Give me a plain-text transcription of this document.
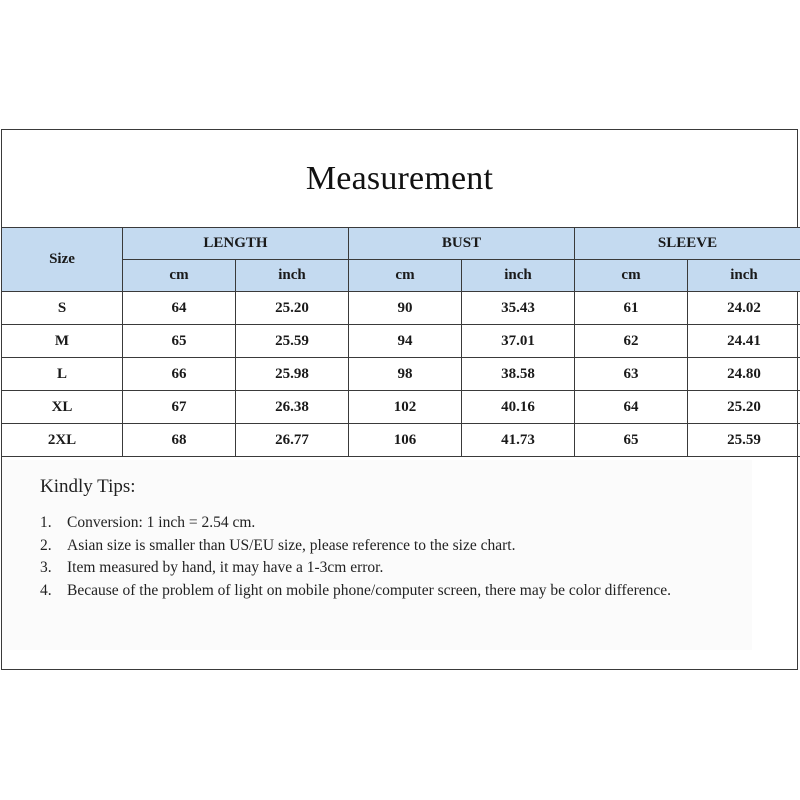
Measurement
Size	LENGTH		BUST		SLEEVE	
	cm	inch	cm	inch	cm	inch
S	64	25.20	90	35.43	61	24.02
M	65	25.59	94	37.01	62	24.41
L	66	25.98	98	38.58	63	24.80
XL	67	26.38	102	40.16	64	25.20
2XL	68	26.77	106	41.73	65	25.59
Kindly Tips:
1. Conversion: 1 inch = 2.54 cm.
2. Asian size is smaller than US/EU size, please reference to the size chart.
3. Item measured by hand, it may have a 1-3cm error.
4. Because of the problem of light on mobile phone/computer screen, there may be color difference.
